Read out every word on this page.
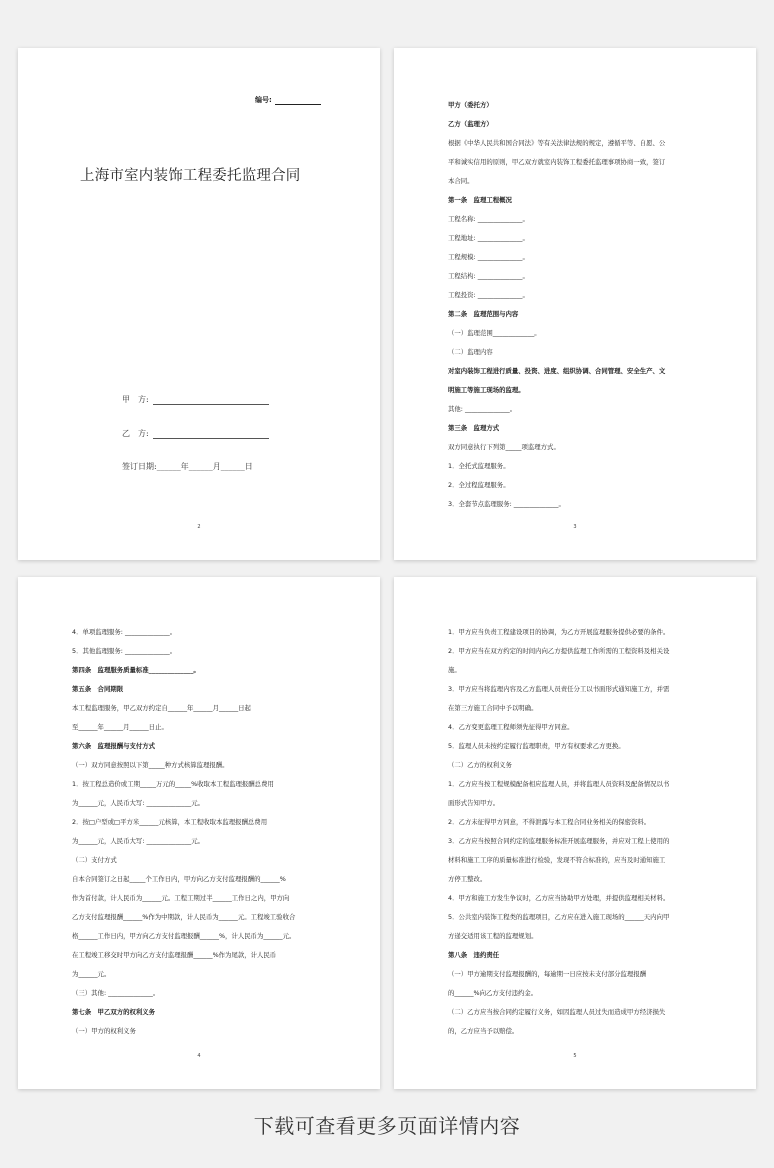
编号:
上海市室内装饰工程委托监理合同
甲　方:
乙　方:
签订日期:______年______月______日
2
甲方（委托方）
乙方（监理方）
根据《中华人民共和国合同法》等有关法律法规的规定，遵循平等、自愿、公
平和诚实信用的原则，甲乙双方就室内装饰工程委托监理事项协商一致，签订
本合同。
第一条　监理工程概况
工程名称: ______________。
工程地址: ______________。
工程规模: ______________。
工程结构: ______________。
工程投资: ______________。
第二条　监理范围与内容
（一）监理范围_____________。
（二）监理内容
对室内装饰工程进行质量、投资、进度、组织协调、合同管理、安全生产、文
明施工等施工现场的监理。
其他: ______________。
第三条　监理方式
双方同意执行下列第_____项监理方式。
1．全托式监理服务。
2．全过程监理服务。
3．全套节点监理服务: ______________。
3
4．单项监理服务: ______________。
5．其他监理服务: ______________。
第四条　监理服务质量标准______________。
第五条　合同期限
本工程监理服务，甲乙双方约定自______年______月______日起
至______年______月______日止。
第六条　监理报酬与支付方式
（一）双方同意按照以下第_____种方式核算监理报酬。
1．按工程总造价或工期_____万元的_____%收取本工程监理报酬总费用
为______元，人民币大写: ______________元。
2．按□户型或□平方米______元核算，本工程收取本监理报酬总费用
为______元，人民币大写: ______________元。
（二）支付方式
自本合同签订之日起_____个工作日内，甲方向乙方支付监理报酬的______%
作为首付款，计人民币为______元。工程工期过半______工作日之内，甲方向
乙方支付监理报酬______%作为中期款，计人民币为______元。工程竣工验收合
格______工作日内，甲方向乙方支付监理报酬______%，计人民币为______元。
在工程竣工移交时甲方向乙方支付监理报酬______%作为尾款，计人民币
为______元。
（三）其他: ______________。
第七条　甲乙双方的权利义务
（一）甲方的权利义务
4
1．甲方应当负责工程建设项目的协调，为乙方开展监理服务提供必要的条件。
2．甲方应当在双方约定的时间内向乙方提供监理工作所需的工程资料及相关设
施。
3．甲方应当将监理内容及乙方监理人员责任分工以书面形式通知施工方，并需
在第三方施工合同中予以明确。
4．乙方变更监理工程师须先征得甲方同意。
5．监理人员未按约定履行监理职责，甲方有权要求乙方更换。
（二）乙方的权利义务
1．乙方应当按工程规模配备相应监理人员，并将监理人员资料及配备情况以书
面形式告知甲方。
2．乙方未征得甲方同意，不得泄露与本工程合同业务相关的保密资料。
3．乙方应当按照合同约定的监理服务标准开展监理服务，并应对工程上使用的
材料和施工工序的质量标准进行检验，发现不符合标准的，应当及时通知施工
方停工整改。
4．甲方和施工方发生争议时，乙方应当协助甲方处理，并提供监理相关材料。
5．公共室内装饰工程类的监理项目，乙方应在进入施工现场的______天内向甲
方递交适用该工程的监理规划。
第八条　违约责任
（一）甲方逾期支付监理报酬的，每逾期一日应按未支付部分监理报酬
的______%向乙方支付违约金。
（二）乙方应当按合同约定履行义务，如因监理人员过失而造成甲方经济损失
的，乙方应当予以赔偿。
5
下载可查看更多页面详情内容
